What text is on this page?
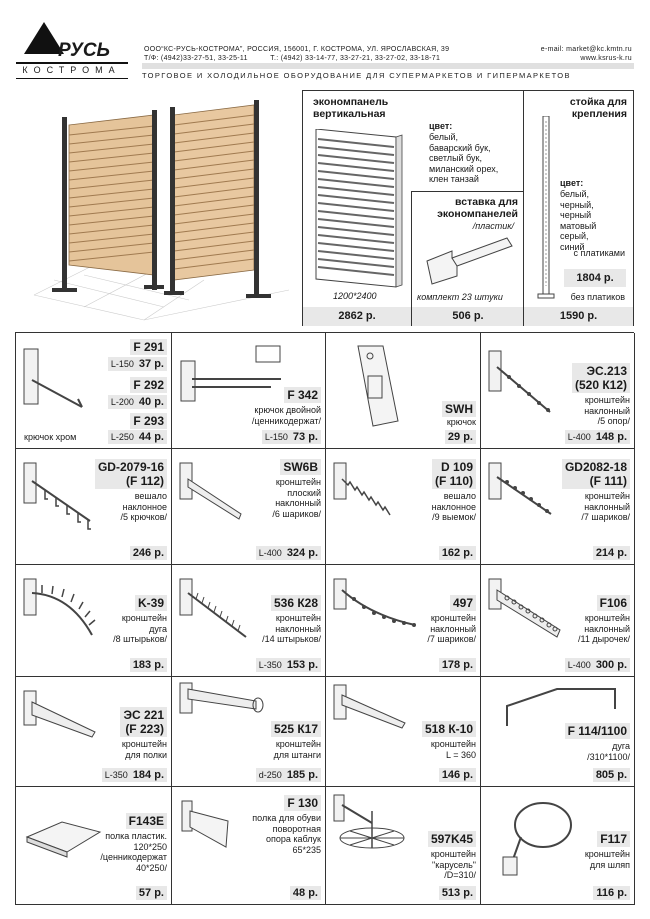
РУСЬ
КОСТРОМА
ООО“КС-РУСЬ-КОСТРОМА”, РОССИЯ, 156001, Г. КОСТРОМА, УЛ. ЯРОСЛАВСКАЯ, 39
Т/Ф: (4942)33-27-51, 33-25-11          Т.: (4942) 33-14-77, 33-27-21, 33-27-02, 33-18-71
e-mail: market@kc.kmtn.ru
www.ksrus-k.ru
ТОРГОВОЕ И ХОЛОДИЛЬНОЕ ОБОРУДОВАНИЕ ДЛЯ СУПЕРМАРКЕТОВ И ГИПЕРМАРКЕТОВ
экономпанель вертикальная
цвет:
белый,
баварский бук,
светлый бук,
миланский орех,
клен танзай
1200*2400
2862 р.
вставка для экономпанелей
/пластик/
комплект 23 штуки
506 р.
стойка для крепления
цвет:
белый,
черный,
черный
матовый
серый,
синий
с платиками
1804 р.
без платиков
1590 р.
F 291
L-150 37 р.
F 292
L-200 40 р.
F 293
L-250 44 р.
крючок хром
F 342
крючок двойной
/ценникодержат/
L-150 73 р.
SWH
крючок
29 р.
ЭС.213
(520 К12)
кронштейн
наклонный
/5 опор/
L-400 148 р.
GD-2079-16
(F 112)
вешало
наклонное
/5 крючков/
246 р.
SW6B
кронштейн
плоский
наклонный
/6 шариков/
L-400 324 р.
D 109
(F 110)
вешало
наклонное
/9 выемок/
162 р.
GD2082-18
(F 111)
кронштейн
наклонный
/7 шариков/
214 р.
K-39
кронштейн
дуга
/8 штырьков/
183 р.
536 К28
кронштейн
наклонный
/14 штырьков/
L-350 153 р.
497
кронштейн
наклонный
/7 шариков/
178 р.
F106
кронштейн
наклонный
/11 дырочек/
L-400 300 р.
ЭС 221
(F 223)
кронштейн
для полки
L-350 184 р.
525 К17
кронштейн
для штанги
d-250 185 р.
518 К-10
кронштейн
L = 360
146 р.
F 114/1100
дуга
/310*1100/
805 р.
F143E
полка пластик.
120*250
/ценникодержат
40*250/
57 р.
F 130
полка для обуви
поворотная
опора каблук
65*235
48 р.
597K45
кронштейн
"карусель"
/D=310/
513 р.
F117
кронштейн
для шляп
116 р.
